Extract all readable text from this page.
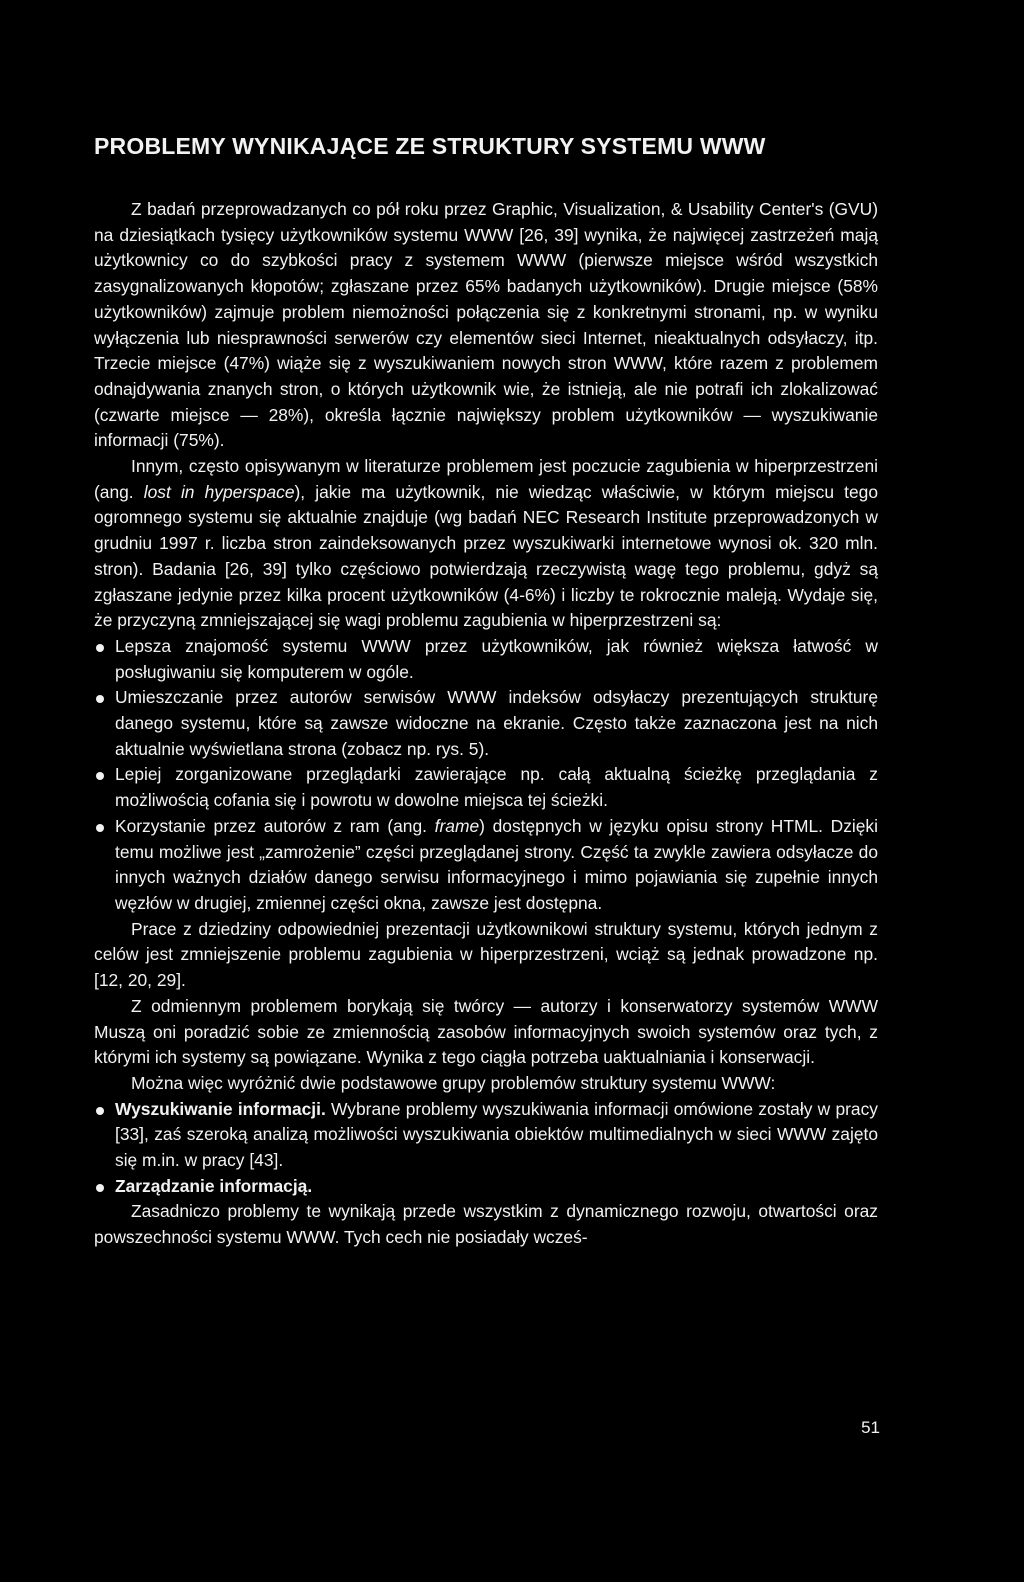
PROBLEMY WYNIKAJĄCE ZE STRUKTURY SYSTEMU WWW

Z badań przeprowadzanych co pół roku przez Graphic, Visualization, & Usability Center's (GVU) na dziesiątkach tysięcy użytkowników systemu WWW [26, 39] wynika, że najwięcej zastrzeżeń mają użytkownicy co do szybkości pracy z systemem WWW (pierwsze miejsce wśród wszystkich zasygnalizowanych kłopotów; zgłaszane przez 65% badanych użytkowników). Drugie miejsce (58% użytkowników) zajmuje problem niemożności połączenia się z konkretnymi stronami, np. w wyniku wyłączenia lub niesprawności serwerów czy elementów sieci Internet, nieaktualnych odsyłaczy, itp. Trzecie miejsce (47%) wiąże się z wyszukiwaniem nowych stron WWW, które razem z problemem odnajdywania znanych stron, o których użytkownik wie, że istnieją, ale nie potrafi ich zlokalizować (czwarte miejsce — 28%), określa łącznie największy problem użytkowników — wyszukiwanie informacji (75%).

Innym, często opisywanym w literaturze problemem jest poczucie zagubienia w hiperprzestrzeni (ang. lost in hyperspace), jakie ma użytkownik, nie wiedząc właściwie, w którym miejscu tego ogromnego systemu się aktualnie znajduje (wg badań NEC Research Institute przeprowadzonych w grudniu 1997 r. liczba stron zaindeksowanych przez wyszukiwarki internetowe wynosi ok. 320 mln. stron). Badania [26, 39] tylko częściowo potwierdzają rzeczywistą wagę tego problemu, gdyż są zgłaszane jedynie przez kilka procent użytkowników (4-6%) i liczby te rokrocznie maleją. Wydaje się, że przyczyną zmniejszającej się wagi problemu zagubienia w hiperprzestrzeni są:

Lepsza znajomość systemu WWW przez użytkowników, jak również większa łatwość w posługiwaniu się komputerem w ogóle.
Umieszczanie przez autorów serwisów WWW indeksów odsyłaczy prezentujących strukturę danego systemu, które są zawsze widoczne na ekranie. Często także zaznaczona jest na nich aktualnie wyświetlana strona (zobacz np. rys. 5).
Lepiej zorganizowane przeglądarki zawierające np. całą aktualną ścieżkę przeglądania z możliwością cofania się i powrotu w dowolne miejsca tej ścieżki.
Korzystanie przez autorów z ram (ang. frame) dostępnych w języku opisu strony HTML. Dzięki temu możliwe jest „zamrożenie” części przeglądanej strony. Część ta zwykle zawiera odsyłacze do innych ważnych działów danego serwisu informacyjnego i mimo pojawiania się zupełnie innych węzłów w drugiej, zmiennej części okna, zawsze jest dostępna.

Prace z dziedziny odpowiedniej prezentacji użytkownikowi struktury systemu, których jednym z celów jest zmniejszenie problemu zagubienia w hiperprzestrzeni, wciąż są jednak prowadzone np. [12, 20, 29].

Z odmiennym problemem borykają się twórcy — autorzy i konserwatorzy systemów WWW Muszą oni poradzić sobie ze zmiennością zasobów informacyjnych swoich systemów oraz tych, z którymi ich systemy są powiązane. Wynika z tego ciągła potrzeba uaktualniania i konserwacji.

Można więc wyróżnić dwie podstawowe grupy problemów struktury systemu WWW:

Wyszukiwanie informacji. Wybrane problemy wyszukiwania informacji omówione zostały w pracy [33], zaś szeroką analizą możliwości wyszukiwania obiektów multimedialnych w sieci WWW zajęto się m.in. w pracy [43].
Zarządzanie informacją.

Zasadniczo problemy te wynikają przede wszystkim z dynamicznego rozwoju, otwartości oraz powszechności systemu WWW. Tych cech nie posiadały wcześ-

51
